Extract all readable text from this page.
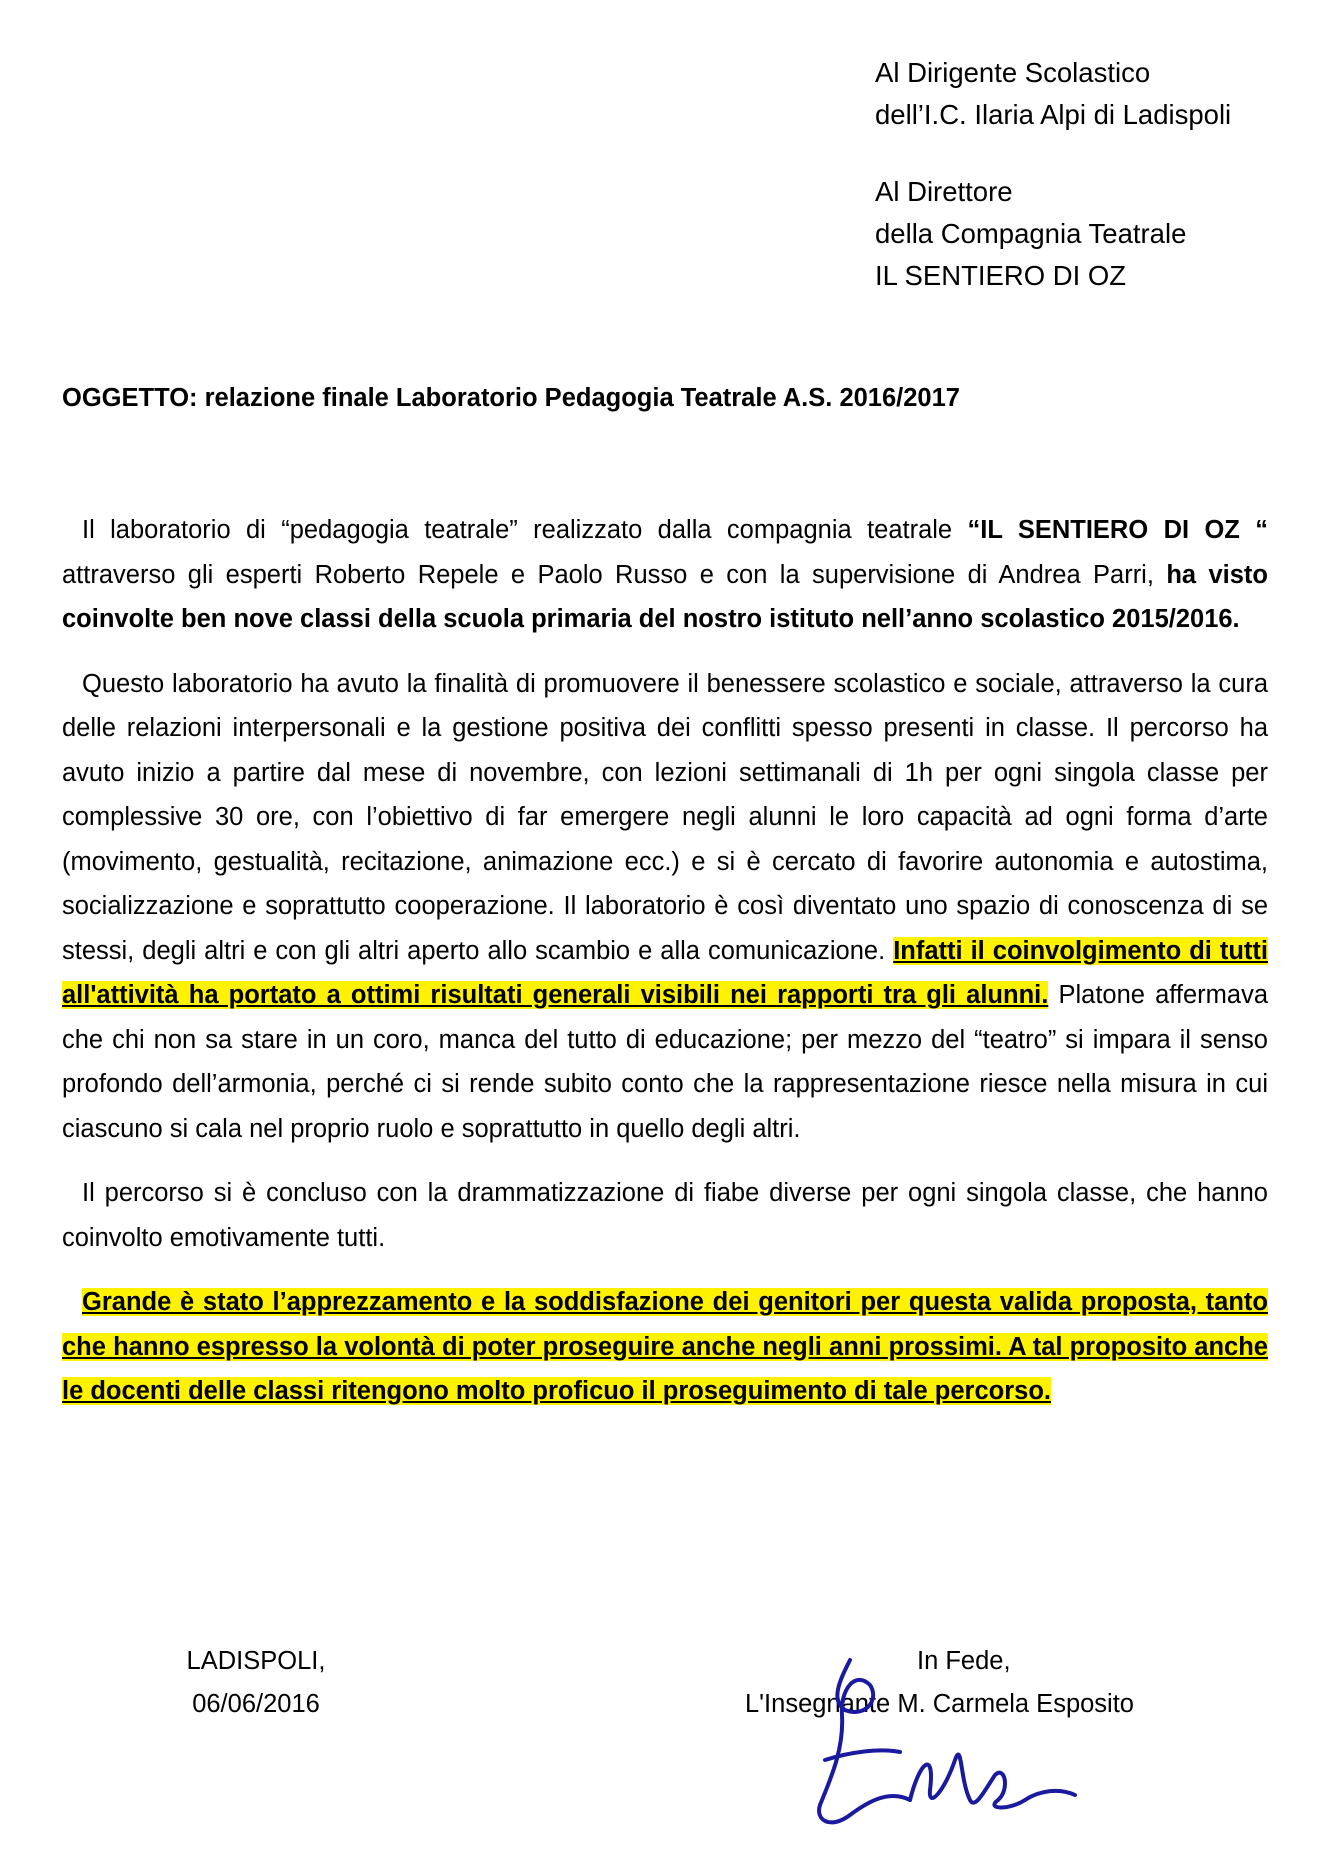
Al Dirigente Scolastico
dell’I.C. Ilaria Alpi di Ladispoli
Al Direttore
della Compagnia Teatrale
IL SENTIERO DI OZ
OGGETTO: relazione finale Laboratorio Pedagogia Teatrale A.S. 2016/2017

Il laboratorio di “pedagogia teatrale” realizzato dalla compagnia teatrale “IL SENTIERO DI OZ “ attraverso gli esperti Roberto Repele e Paolo Russo e con la supervisione di Andrea Parri, ha visto coinvolte ben nove classi della scuola primaria del nostro istituto nell’anno scolastico 2015/2016.

Questo laboratorio ha avuto la finalità di promuovere il benessere scolastico e sociale, attraverso la cura delle relazioni interpersonali e la gestione positiva dei conflitti spesso presenti in classe. Il percorso ha avuto inizio a partire dal mese di novembre, con lezioni settimanali di 1h per ogni singola classe per complessive 30 ore, con l’obiettivo di far emergere negli alunni le loro capacità ad ogni forma d’arte (movimento, gestualità, recitazione, animazione ecc.) e si è cercato di favorire autonomia e autostima, socializzazione e soprattutto cooperazione. Il laboratorio è così diventato uno spazio di conoscenza di se stessi, degli altri e con gli altri aperto allo scambio e alla comunicazione. Infatti il coinvolgimento di tutti all'attività ha portato a ottimi risultati generali visibili nei rapporti tra gli alunni. Platone affermava che chi non sa stare in un coro, manca del tutto di educazione; per mezzo del “teatro” si impara il senso profondo dell’armonia, perché ci si rende subito conto che la rappresentazione riesce nella misura in cui ciascuno si cala nel proprio ruolo e soprattutto in quello degli altri.

Il percorso si è concluso con la drammatizzazione di fiabe diverse per ogni singola classe, che hanno coinvolto emotivamente tutti.

Grande è stato l’apprezzamento e la soddisfazione dei genitori per questa valida proposta, tanto che hanno espresso la volontà di poter proseguire anche negli anni prossimi. A tal proposito anche le docenti delle classi ritengono molto proficuo il proseguimento di tale percorso.

LADISPOLI,
06/06/2016
In Fede,
L'Insegnante M. Carmela Esposito
